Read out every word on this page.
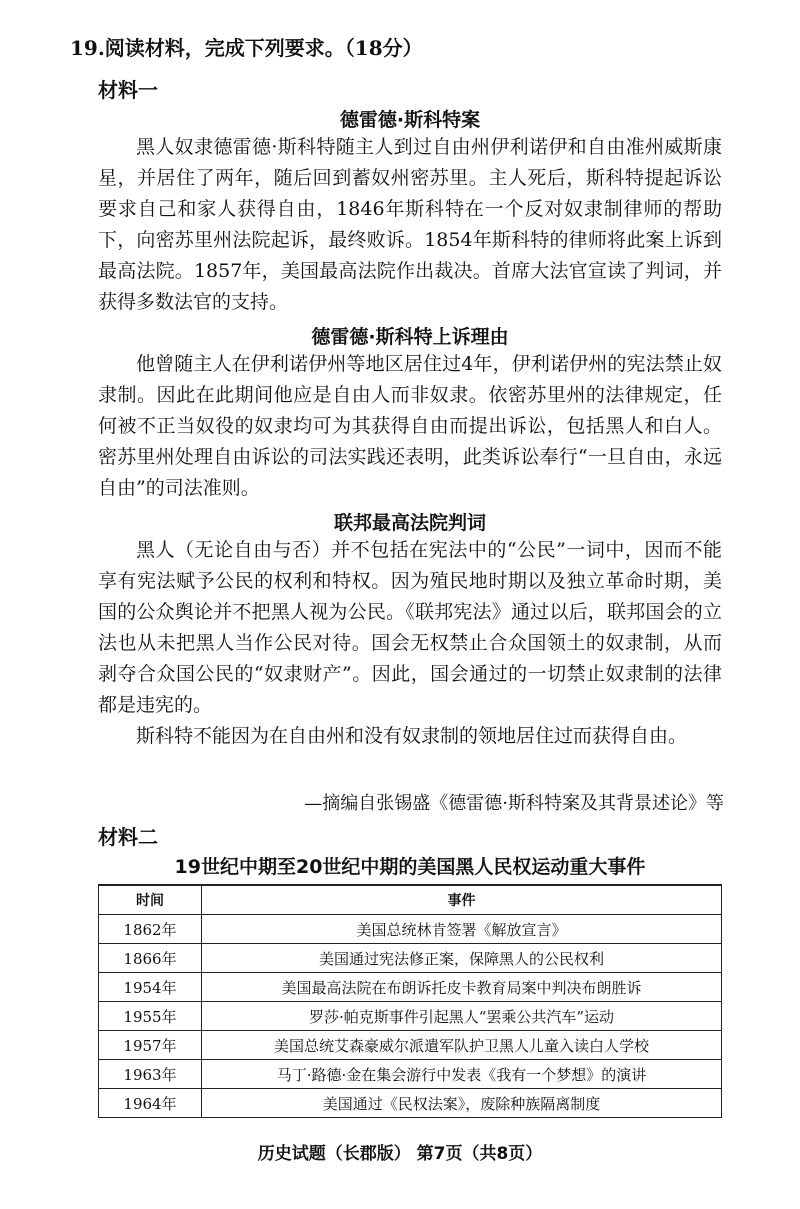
19.阅读材料，完成下列要求。（18分）
材料一
德雷德·斯科特案
黑人奴隶德雷德·斯科特随主人到过自由州伊利诺伊和自由准州威斯康星，并居住了两年，随后回到蓄奴州密苏里。主人死后，斯科特提起诉讼要求自己和家人获得自由，1846年斯科特在一个反对奴隶制律师的帮助下，向密苏里州法院起诉，最终败诉。1854年斯科特的律师将此案上诉到最高法院。1857年，美国最高法院作出裁决。首席大法官宣读了判词，并获得多数法官的支持。
德雷德·斯科特上诉理由
他曾随主人在伊利诺伊州等地区居住过4年，伊利诺伊州的宪法禁止奴隶制。因此在此期间他应是自由人而非奴隶。依密苏里州的法律规定，任何被不正当奴役的奴隶均可为其获得自由而提出诉讼，包括黑人和白人。密苏里州处理自由诉讼的司法实践还表明，此类诉讼奉行“一旦自由，永远自由”的司法准则。
联邦最高法院判词
黑人（无论自由与否）并不包括在宪法中的“公民”一词中，因而不能享有宪法赋予公民的权利和特权。因为殖民地时期以及独立革命时期，美国的公众舆论并不把黑人视为公民。《联邦宪法》通过以后，联邦国会的立法也从未把黑人当作公民对待。国会无权禁止合众国领土的奴隶制，从而剥夺合众国公民的“奴隶财产”。因此，国会通过的一切禁止奴隶制的法律都是违宪的。
斯科特不能因为在自由州和没有奴隶制的领地居住过而获得自由。
—摘编自张锡盛《德雷德·斯科特案及其背景述论》等
材料二
19世纪中期至20世纪中期的美国黑人民权运动重大事件
时间	事件
1862年	美国总统林肯签署《解放宣言》
1866年	美国通过宪法修正案，保障黑人的公民权利
1954年	美国最高法院在布朗诉托皮卡教育局案中判决布朗胜诉
1955年	罗莎·帕克斯事件引起黑人“罢乘公共汽车”运动
1957年	美国总统艾森豪威尔派遣军队护卫黑人儿童入读白人学校
1963年	马丁·路德·金在集会游行中发表《我有一个梦想》的演讲
1964年	美国通过《民权法案》，废除种族隔离制度
历史试题（长郡版） 第7页（共8页）
